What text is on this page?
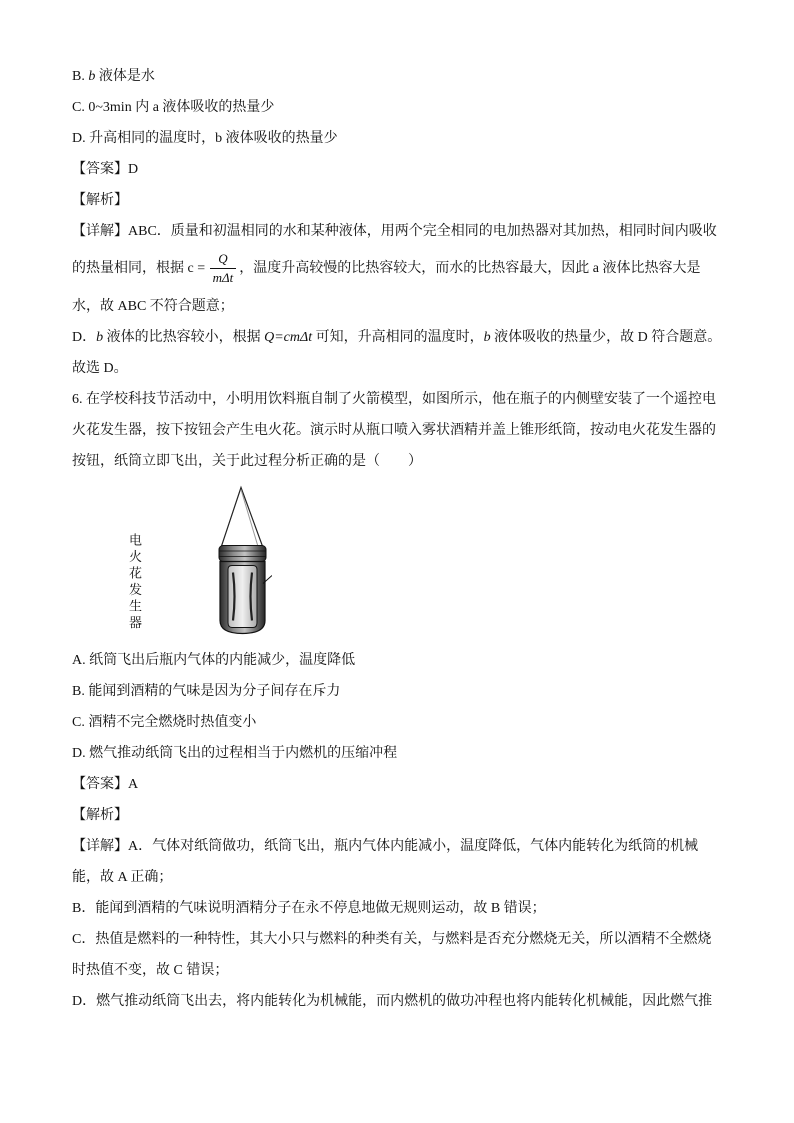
B. b 液体是水
C. 0~3min 内 a 液体吸收的热量少
D. 升高相同的温度时，b 液体吸收的热量少
【答案】D
【解析】
【详解】ABC．质量和初温相同的水和某种液体，用两个完全相同的电加热器对其加热，相同时间内吸收
的热量相同，根据 $c = \frac{Q}{\text{mΔt}}$ ，温度升高较慢的比热容较大，而水的比热容最大，因此 a 液体比热容大是
水，故 ABC 不符合题意；
D．b 液体的比热容较小，根据 Q=cmΔt 可知，升高相同的温度时，b 液体吸收的热量少，故 D 符合题意。
故选 D。
6. 在学校科技节活动中，小明用饮料瓶自制了火箭模型，如图所示，他在瓶子的内侧壁安装了一个遥控电
火花发生器，按下按钮会产生电火花。演示时从瓶口喷入雾状酒精并盖上锥形纸筒，按动电火花发生器的
按钮，纸筒立即飞出，关于此过程分析正确的是（　　）
电火花发生器
A. 纸筒飞出后瓶内气体的内能减少，温度降低
B. 能闻到酒精的气味是因为分子间存在斥力
C. 酒精不完全燃烧时热值变小
D. 燃气推动纸筒飞出的过程相当于内燃机的压缩冲程
【答案】A
【解析】
【详解】A．气体对纸筒做功，纸筒飞出，瓶内气体内能减小，温度降低，气体内能转化为纸筒的机械
能，故 A 正确；
B．能闻到酒精的气味说明酒精分子在永不停息地做无规则运动，故 B 错误；
C．热值是燃料的一种特性，其大小只与燃料的种类有关，与燃料是否充分燃烧无关，所以酒精不全燃烧
时热值不变，故 C 错误；
D．燃气推动纸筒飞出去，将内能转化为机械能，而内燃机的做功冲程也将内能转化机械能，因此燃气推
